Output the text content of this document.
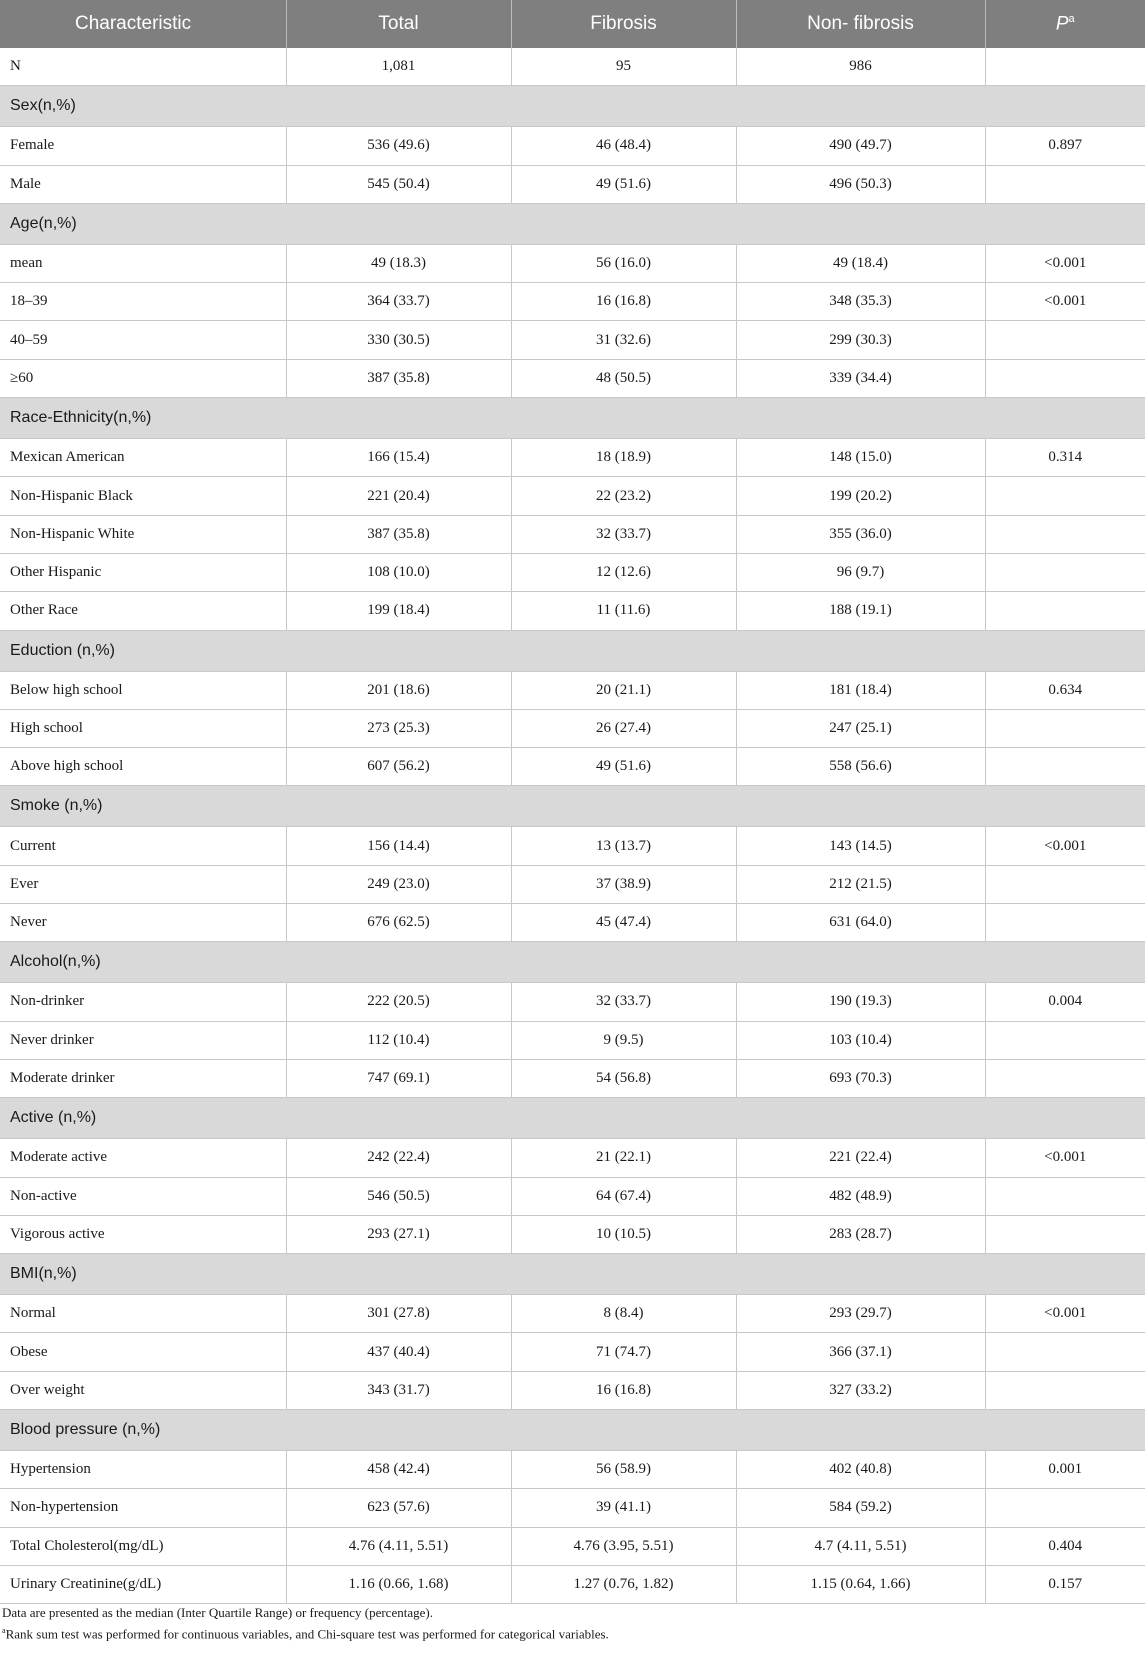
Characteristic	Total	Fibrosis	Non- fibrosis	$P^a$
N	1,081	95	986	
Sex(n,%)				
Female	536 (49.6)	46 (48.4)	490 (49.7)	0.897
Male	545 (50.4)	49 (51.6)	496 (50.3)	
Age(n,%)				
mean	49 (18.3)	56 (16.0)	49 (18.4)	<0.001
18–39	364 (33.7)	16 (16.8)	348 (35.3)	<0.001
40–59	330 (30.5)	31 (32.6)	299 (30.3)	
≥60	387 (35.8)	48 (50.5)	339 (34.4)	
Race-Ethnicity(n,%)				
Mexican American	166 (15.4)	18 (18.9)	148 (15.0)	0.314
Non-Hispanic Black	221 (20.4)	22 (23.2)	199 (20.2)	
Non-Hispanic White	387 (35.8)	32 (33.7)	355 (36.0)	
Other Hispanic	108 (10.0)	12 (12.6)	96 (9.7)	
Other Race	199 (18.4)	11 (11.6)	188 (19.1)	
Eduction (n,%)				
Below high school	201 (18.6)	20 (21.1)	181 (18.4)	0.634
High school	273 (25.3)	26 (27.4)	247 (25.1)	
Above high school	607 (56.2)	49 (51.6)	558 (56.6)	
Smoke (n,%)				
Current	156 (14.4)	13 (13.7)	143 (14.5)	<0.001
Ever	249 (23.0)	37 (38.9)	212 (21.5)	
Never	676 (62.5)	45 (47.4)	631 (64.0)	
Alcohol(n,%)				
Non-drinker	222 (20.5)	32 (33.7)	190 (19.3)	0.004
Never drinker	112 (10.4)	9 (9.5)	103 (10.4)	
Moderate drinker	747 (69.1)	54 (56.8)	693 (70.3)	
Active (n,%)				
Moderate active	242 (22.4)	21 (22.1)	221 (22.4)	<0.001
Non-active	546 (50.5)	64 (67.4)	482 (48.9)	
Vigorous active	293 (27.1)	10 (10.5)	283 (28.7)	
BMI(n,%)				
Normal	301 (27.8)	8 (8.4)	293 (29.7)	<0.001
Obese	437 (40.4)	71 (74.7)	366 (37.1)	
Over weight	343 (31.7)	16 (16.8)	327 (33.2)	
Blood pressure (n,%)				
Hypertension	458 (42.4)	56 (58.9)	402 (40.8)	0.001
Non-hypertension	623 (57.6)	39 (41.1)	584 (59.2)	
Total Cholesterol(mg/dL)	4.76 (4.11, 5.51)	4.76 (3.95, 5.51)	4.7 (4.11, 5.51)	0.404
Urinary Creatinine(g/dL)	1.16 (0.66, 1.68)	1.27 (0.76, 1.82)	1.15 (0.64, 1.66)	0.157
Data are presented as the median (Inter Quartile Range) or frequency (percentage).
$^a$Rank sum test was performed for continuous variables, and Chi-square test was performed for categorical variables.
